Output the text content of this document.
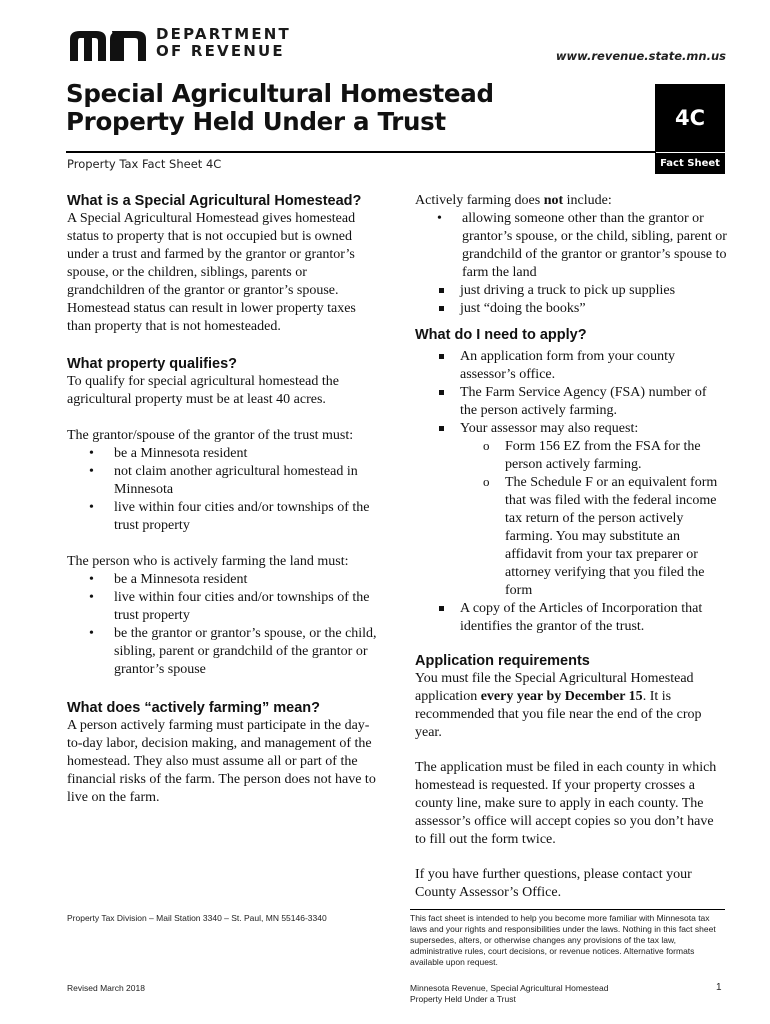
DEPARTMENT
OF REVENUE	www.revenue.state.mn.us
Special Agricultural Homestead
Property Held Under a Trust	4C
Property Tax Fact Sheet 4C	Fact Sheet
What is a Special Agricultural Homestead?

A Special Agricultural Homestead gives homestead status to property that is not occupied but is owned under a trust and farmed by the grantor or grantor’s spouse, or the children, siblings, parents or grandchildren of the grantor or grantor’s spouse. Homestead status can result in lower property taxes than property that is not homesteaded.

What property qualifies?

To qualify for special agricultural homestead the agricultural property must be at least 40 acres.

The grantor/spouse of the grantor of the trust must:

• be a Minnesota resident
• not claim another agricultural homestead in Minnesota
• live within four cities and/or townships of the trust property

The person who is actively farming the land must:

• be a Minnesota resident
• live within four cities and/or townships of the trust property
• be the grantor or grantor’s spouse, or the child, sibling, parent or grandchild of the grantor or grantor’s spouse
What does “actively farming” mean?

A person actively farming must participate in the day-to-day labor, decision making, and management of the homestead. They also must assume all or part of the financial risks of the farm. The person does not have to live on the farm.

Actively farming does not include:

• allowing someone other than the grantor or grantor’s spouse, or the child, sibling, parent or grandchild of the grantor or grantor’s spouse to farm the land
just driving a truck to pick up supplies
just “doing the books”
What do I need to apply?
An application form from your county assessor’s office.
The Farm Service Agency (FSA) number of the person actively farming.
Your assessor may also request:
o Form 156 EZ from the FSA for the person actively farming.
o The Schedule F or an equivalent form that was filed with the federal income tax return of the person actively farming. You may substitute an affidavit from your tax preparer or attorney verifying that you filed the form
A copy of the Articles of Incorporation that identifies the grantor of the trust.
Application requirements

You must file the Special Agricultural Homestead application every year by December 15. It is recommended that you file near the end of the crop year.

The application must be filed in each county in which homestead is requested. If your property crosses a county line, make sure to apply in each county. The assessor’s office will accept copies so you don’t have to fill out the form twice.

If you have further questions, please contact your County Assessor’s Office.

Property Tax Division – Mail Station 3340 – St. Paul, MN 55146-3340	This fact sheet is intended to help you become more familiar with Minnesota tax laws and your rights and responsibilities under the laws. Nothing in this fact sheet supersedes, alters, or otherwise changes any provisions of the tax law, administrative rules, court decisions, or revenue notices. Alternative formats available upon request.
Revised March 2018	Minnesota Revenue, Special Agricultural Homestead
Property Held Under a Trust
1
